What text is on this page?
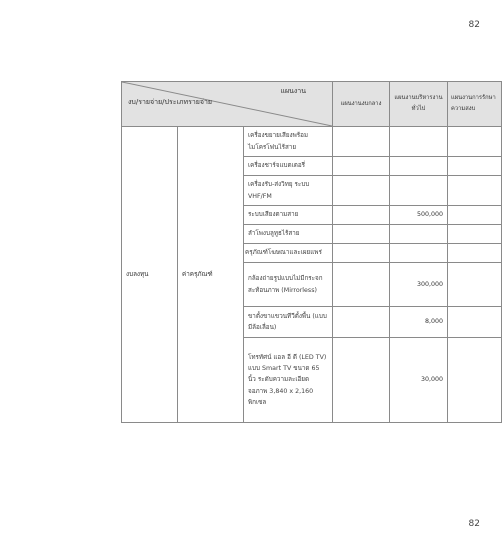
82
แผนงาน
งบ/รายจ่าย/ประเภทรายจ่าย			แผนงานงบกลาง	แผนงานบริหารงานทั่วไป	แผนงานการรักษาความสงบ
งบลงทุน	ค่าครุภัณฑ์	เครื่องขยายเสียงพร้อมไมโครโฟนไร้สาย			
		เครื่องชาร์จแบตเตอรี่			
		เครื่องรับ-ส่งวิทยุ ระบบ VHF/FM			
		ระบบเสียงตามสาย		500,000	
		ลำโพงบลูทูธไร้สาย			
		ครุภัณฑ์โฆษณาและเผยแพร่			
		กล้องถ่ายรูปแบบไม่มีกระจกสะท้อนภาพ (Mirrorless)		300,000	
		ขาตั้งขาแขวนทีวีตั้งพื้น (แบบมีล้อเลื่อน)		8,000	
		โทรทัศน์ แอล อี ดี (LED TV) แบบ Smart TV ขนาด 65 นิ้ว ระดับความละเอียดจอภาพ 3,840 x 2,160 พิกเซล		30,000	
82
